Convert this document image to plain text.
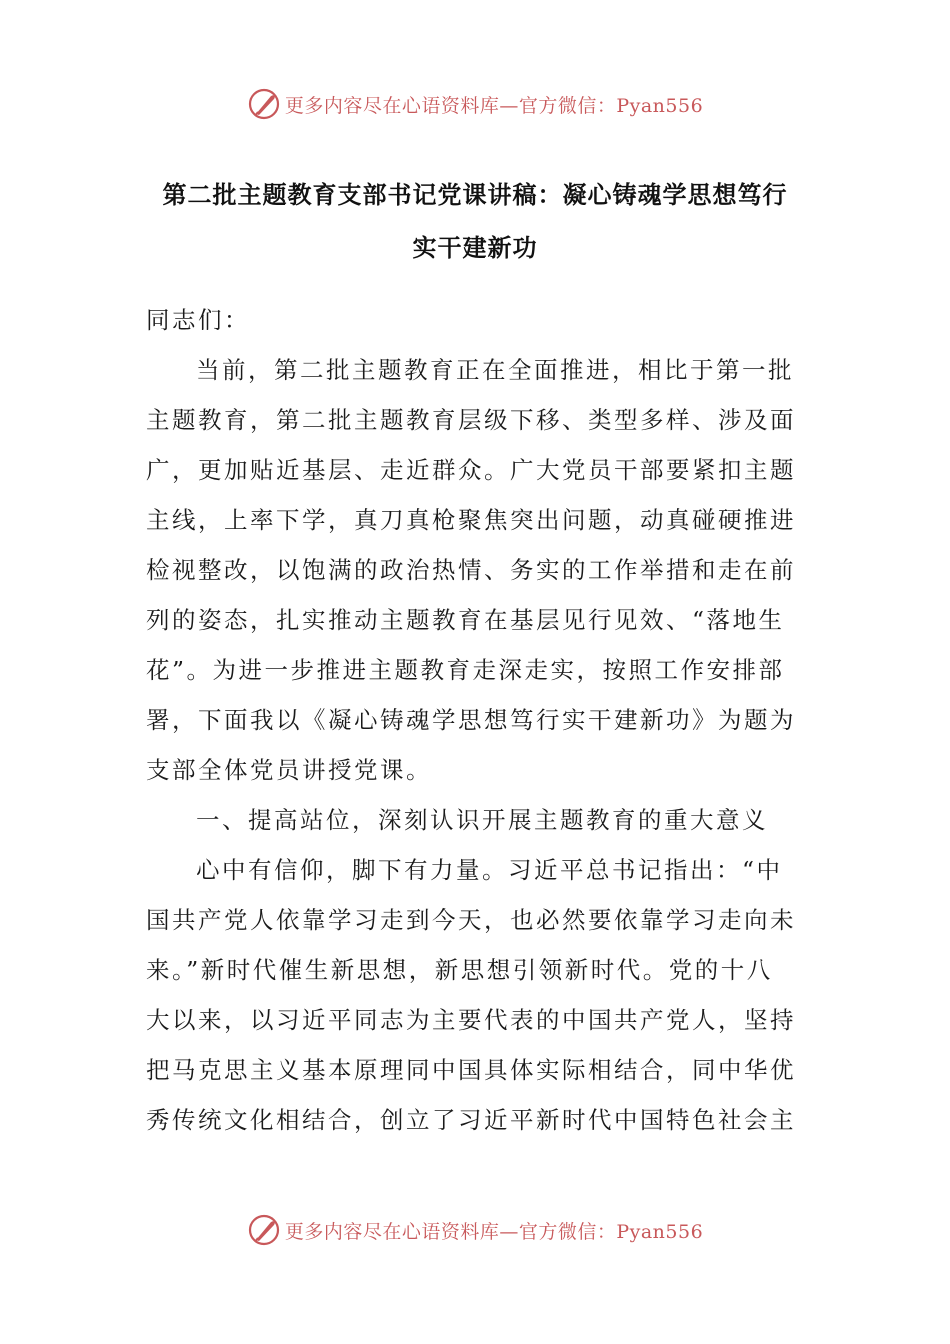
更多内容尽在心语资料库—官方微信：Pyan556
第二批主题教育支部书记党课讲稿：凝心铸魂学思想笃行
实干建新功
同志们：
当前，第二批主题教育正在全面推进，相比于第一批
主题教育，第二批主题教育层级下移、类型多样、涉及面
广，更加贴近基层、走近群众。广大党员干部要紧扣主题
主线，上率下学，真刀真枪聚焦突出问题，动真碰硬推进
检视整改，以饱满的政治热情、务实的工作举措和走在前
列的姿态，扎实推动主题教育在基层见行见效、“落地生
花”。为进一步推进主题教育走深走实，按照工作安排部
署，下面我以《凝心铸魂学思想笃行实干建新功》为题为
支部全体党员讲授党课。
一、提高站位，深刻认识开展主题教育的重大意义
心中有信仰，脚下有力量。习近平总书记指出：“中
国共产党人依靠学习走到今天，也必然要依靠学习走向未
来。”新时代催生新思想，新思想引领新时代。党的十八
大以来，以习近平同志为主要代表的中国共产党人，坚持
把马克思主义基本原理同中国具体实际相结合，同中华优
秀传统文化相结合，创立了习近平新时代中国特色社会主
更多内容尽在心语资料库—官方微信：Pyan556
